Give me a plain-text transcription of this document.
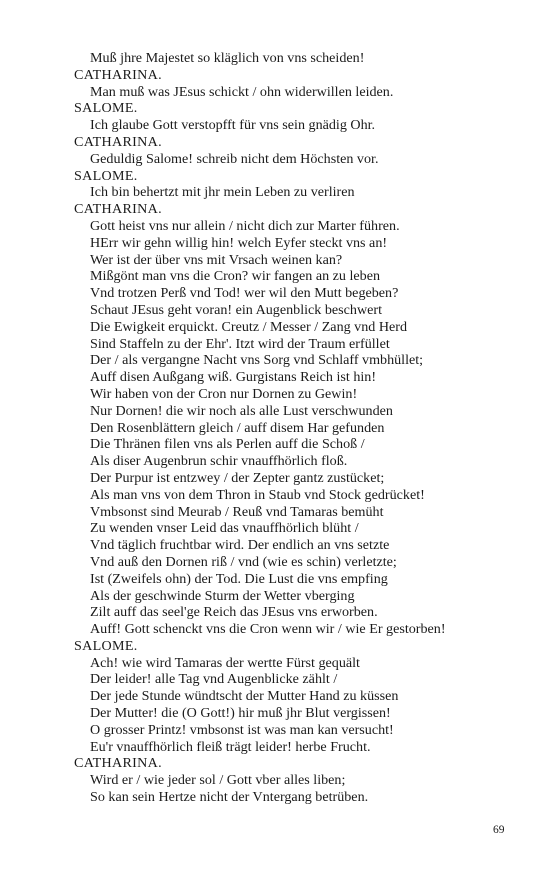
Muß jhre Majestet so kläglich von vns scheiden!
CATHARINA.
Man muß was JEsus schickt / ohn widerwillen leiden.
SALOME.
Ich glaube Gott verstopfft für vns sein gnädig Ohr.
CATHARINA.
Geduldig Salome! schreib nicht dem Höchsten vor.
SALOME.
Ich bin behertzt mit jhr mein Leben zu verliren
CATHARINA.
Gott heist vns nur allein / nicht dich zur Marter führen.
HErr wir gehn willig hin! welch Eyfer steckt vns an!
Wer ist der über vns mit Vrsach weinen kan?
Mißgönt man vns die Cron? wir fangen an zu leben
Vnd trotzen Perß vnd Tod! wer wil den Mutt begeben?
Schaut JEsus geht voran! ein Augenblick beschwert
Die Ewigkeit erquickt. Creutz / Messer / Zang vnd Herd
Sind Staffeln zu der Ehr'. Itzt wird der Traum erfüllet
Der / als vergangne Nacht vns Sorg vnd Schlaff vmbhüllet;
Auff disen Außgang wiß. Gurgistans Reich ist hin!
Wir haben von der Cron nur Dornen zu Gewin!
Nur Dornen! die wir noch als alle Lust verschwunden
Den Rosenblättern gleich / auff disem Har gefunden
Die Thränen filen vns als Perlen auff die Schoß /
Als diser Augenbrun schir vnauffhörlich floß.
Der Purpur ist entzwey / der Zepter gantz zustücket;
Als man vns von dem Thron in Staub vnd Stock gedrücket!
Vmbsonst sind Meurab / Reuß vnd Tamaras bemüht
Zu wenden vnser Leid das vnauffhörlich blüht /
Vnd täglich fruchtbar wird. Der endlich an vns setzte
Vnd auß den Dornen riß / vnd (wie es schin) verletzte;
Ist (Zweifels ohn) der Tod. Die Lust die vns empfing
Als der geschwinde Sturm der Wetter vberging
Zilt auff das seel'ge Reich das JEsus vns erworben.
Auff! Gott schenckt vns die Cron wenn wir / wie Er gestorben!
SALOME.
Ach! wie wird Tamaras der wertte Fürst gequält
Der leider! alle Tag vnd Augenblicke zählt /
Der jede Stunde wündtscht der Mutter Hand zu küssen
Der Mutter! die (O Gott!) hir muß jhr Blut vergissen!
O grosser Printz! vmbsonst ist was man kan versucht!
Eu'r vnauffhörlich fleiß trägt leider! herbe Frucht.
CATHARINA.
Wird er / wie jeder sol / Gott vber alles liben;
So kan sein Hertze nicht der Vntergang betrüben.
69
